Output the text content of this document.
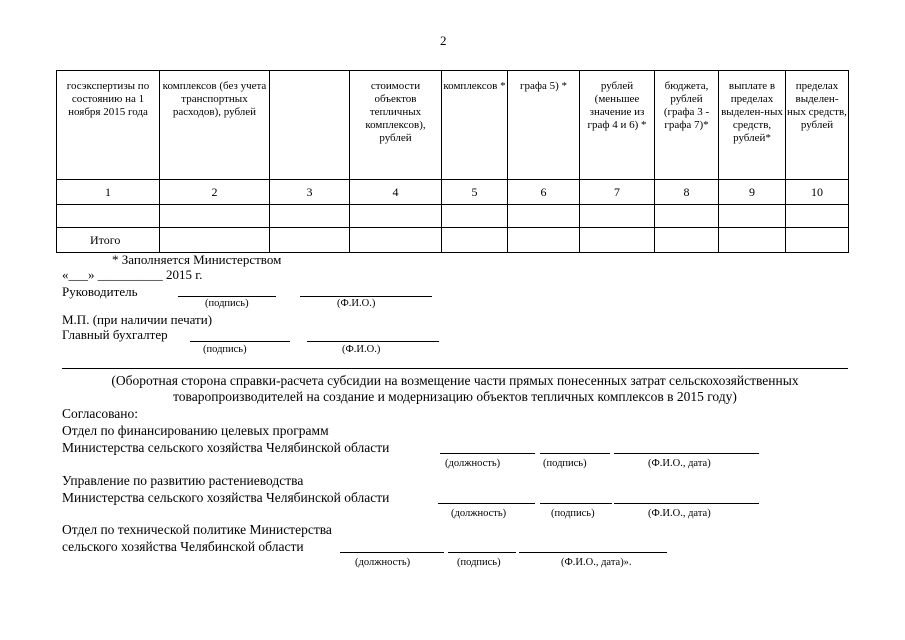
2
госэкспертизы по состоянию на 1 ноября 2015 года	комплексов (без учета транспортных расходов), рублей		стоимости объектов тепличных комплексов), рублей	комплексов *	графа 5) *	рублей (меньшее значение из граф 4 и 6) *	бюджета, рублей (графа 3 - графа 7)*	выплате в пределах выделен-ных средств, рублей*	пределах выделен-ных средств, рублей
1	2	3	4	5	6	7	8	9	10

Итого									
* Заполняется Министерством
«___» __________ 2015 г.
Руководитель
(подпись)	(Ф.И.О.)
М.П. (при наличии печати)
Главный бухгалтер
(подпись)	(Ф.И.О.)
(Оборотная сторона справки-расчета субсидии на возмещение части прямых понесенных затрат сельскохозяйственных товаропроизводителей на создание и модернизацию объектов тепличных комплексов в 2015 году)
Согласовано:
Отдел по финансированию целевых программ
Министерства сельского хозяйства Челябинской области
(должность)	(подпись)	(Ф.И.О., дата)
Управление по развитию растениеводства
Министерства сельского хозяйства Челябинской области
(должность)	(подпись)	(Ф.И.О., дата)
Отдел по технической политике Министерства
сельского хозяйства Челябинской области
(должность)	(подпись)	(Ф.И.О., дата)».
